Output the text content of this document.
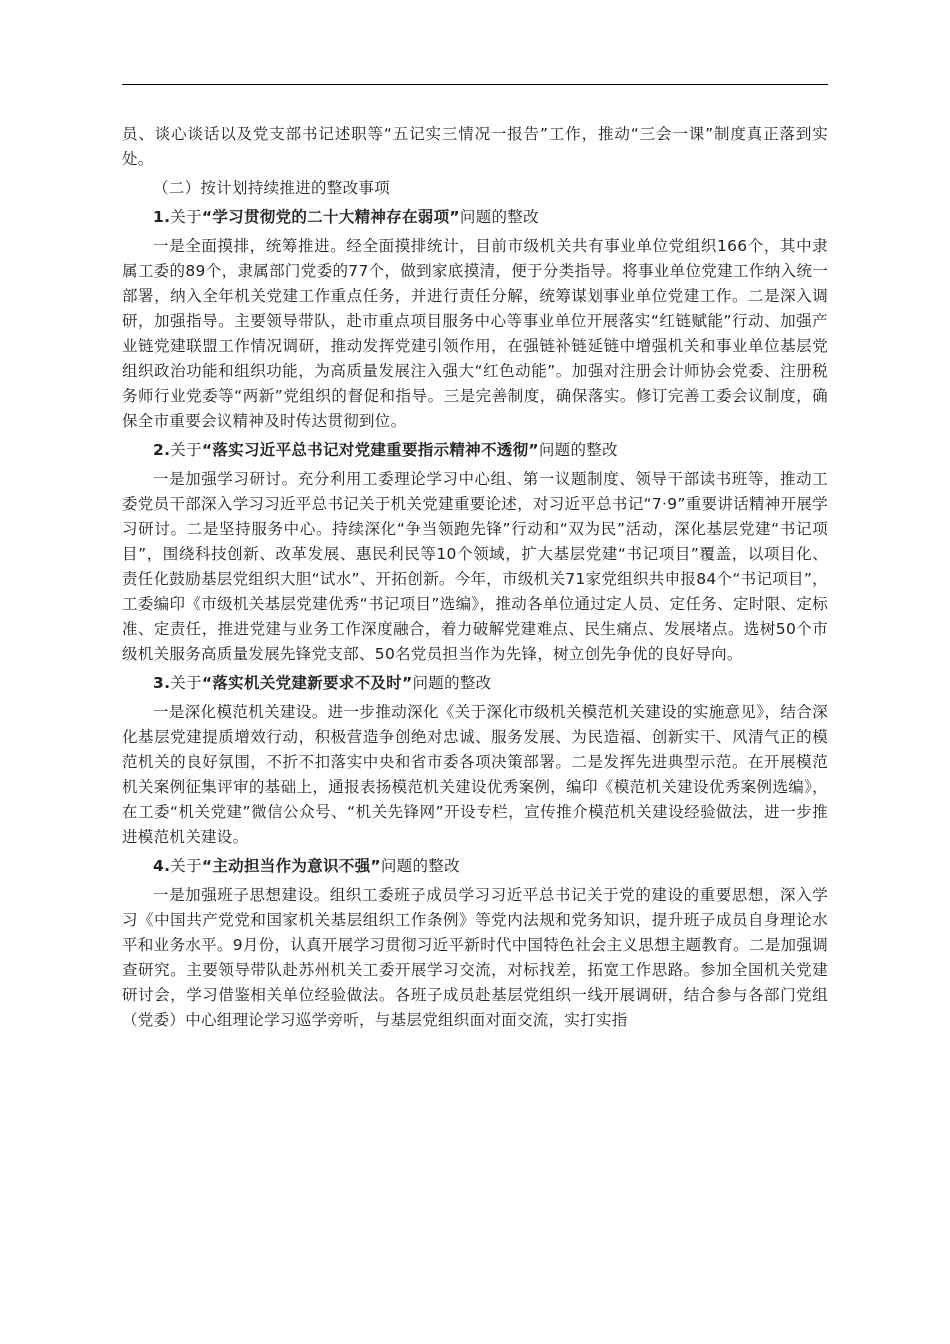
员、谈心谈话以及党支部书记述职等“五记实三情况一报告”工作，推动“三会一课”制度真正落到实处。

（二）按计划持续推进的整改事项

1.关于“学习贯彻党的二十大精神存在弱项”问题的整改

一是全面摸排，统筹推进。经全面摸排统计，目前市级机关共有事业单位党组织166个，其中隶属工委的89个，隶属部门党委的77个，做到家底摸清，便于分类指导。将事业单位党建工作纳入统一部署，纳入全年机关党建工作重点任务，并进行责任分解，统筹谋划事业单位党建工作。二是深入调研，加强指导。主要领导带队，赴市重点项目服务中心等事业单位开展落实“红链赋能”行动、加强产业链党建联盟工作情况调研，推动发挥党建引领作用，在强链补链延链中增强机关和事业单位基层党组织政治功能和组织功能，为高质量发展注入强大“红色动能”。加强对注册会计师协会党委、注册税务师行业党委等“两新”党组织的督促和指导。三是完善制度，确保落实。修订完善工委会议制度，确保全市重要会议精神及时传达贯彻到位。

2.关于“落实习近平总书记对党建重要指示精神不透彻”问题的整改

一是加强学习研讨。充分利用工委理论学习中心组、第一议题制度、领导干部读书班等，推动工委党员干部深入学习习近平总书记关于机关党建重要论述，对习近平总书记“7·9”重要讲话精神开展学习研讨。二是坚持服务中心。持续深化“争当领跑先锋”行动和“双为民”活动，深化基层党建“书记项目”，围绕科技创新、改革发展、惠民利民等10个领域，扩大基层党建“书记项目”覆盖，以项目化、责任化鼓励基层党组织大胆“试水”、开拓创新。今年，市级机关71家党组织共申报84个“书记项目”，工委编印《市级机关基层党建优秀“书记项目”选编》，推动各单位通过定人员、定任务、定时限、定标准、定责任，推进党建与业务工作深度融合，着力破解党建难点、民生痛点、发展堵点。选树50个市级机关服务高质量发展先锋党支部、50名党员担当作为先锋，树立创先争优的良好导向。

3.关于“落实机关党建新要求不及时”问题的整改

一是深化模范机关建设。进一步推动深化《关于深化市级机关模范机关建设的实施意见》，结合深化基层党建提质增效行动，积极营造争创绝对忠诚、服务发展、为民造福、创新实干、风清气正的模范机关的良好氛围，不折不扣落实中央和省市委各项决策部署。二是发挥先进典型示范。在开展模范机关案例征集评审的基础上，通报表扬模范机关建设优秀案例，编印《模范机关建设优秀案例选编》，在工委“机关党建”微信公众号、“机关先锋网”开设专栏，宣传推介模范机关建设经验做法，进一步推进模范机关建设。

4.关于“主动担当作为意识不强”问题的整改

一是加强班子思想建设。组织工委班子成员学习习近平总书记关于党的建设的重要思想，深入学习《中国共产党党和国家机关基层组织工作条例》等党内法规和党务知识，提升班子成员自身理论水平和业务水平。9月份，认真开展学习贯彻习近平新时代中国特色社会主义思想主题教育。二是加强调查研究。主要领导带队赴苏州机关工委开展学习交流，对标找差，拓宽工作思路。参加全国机关党建研讨会，学习借鉴相关单位经验做法。各班子成员赴基层党组织一线开展调研，结合参与各部门党组（党委）中心组理论学习巡学旁听，与基层党组织面对面交流，实打实指
